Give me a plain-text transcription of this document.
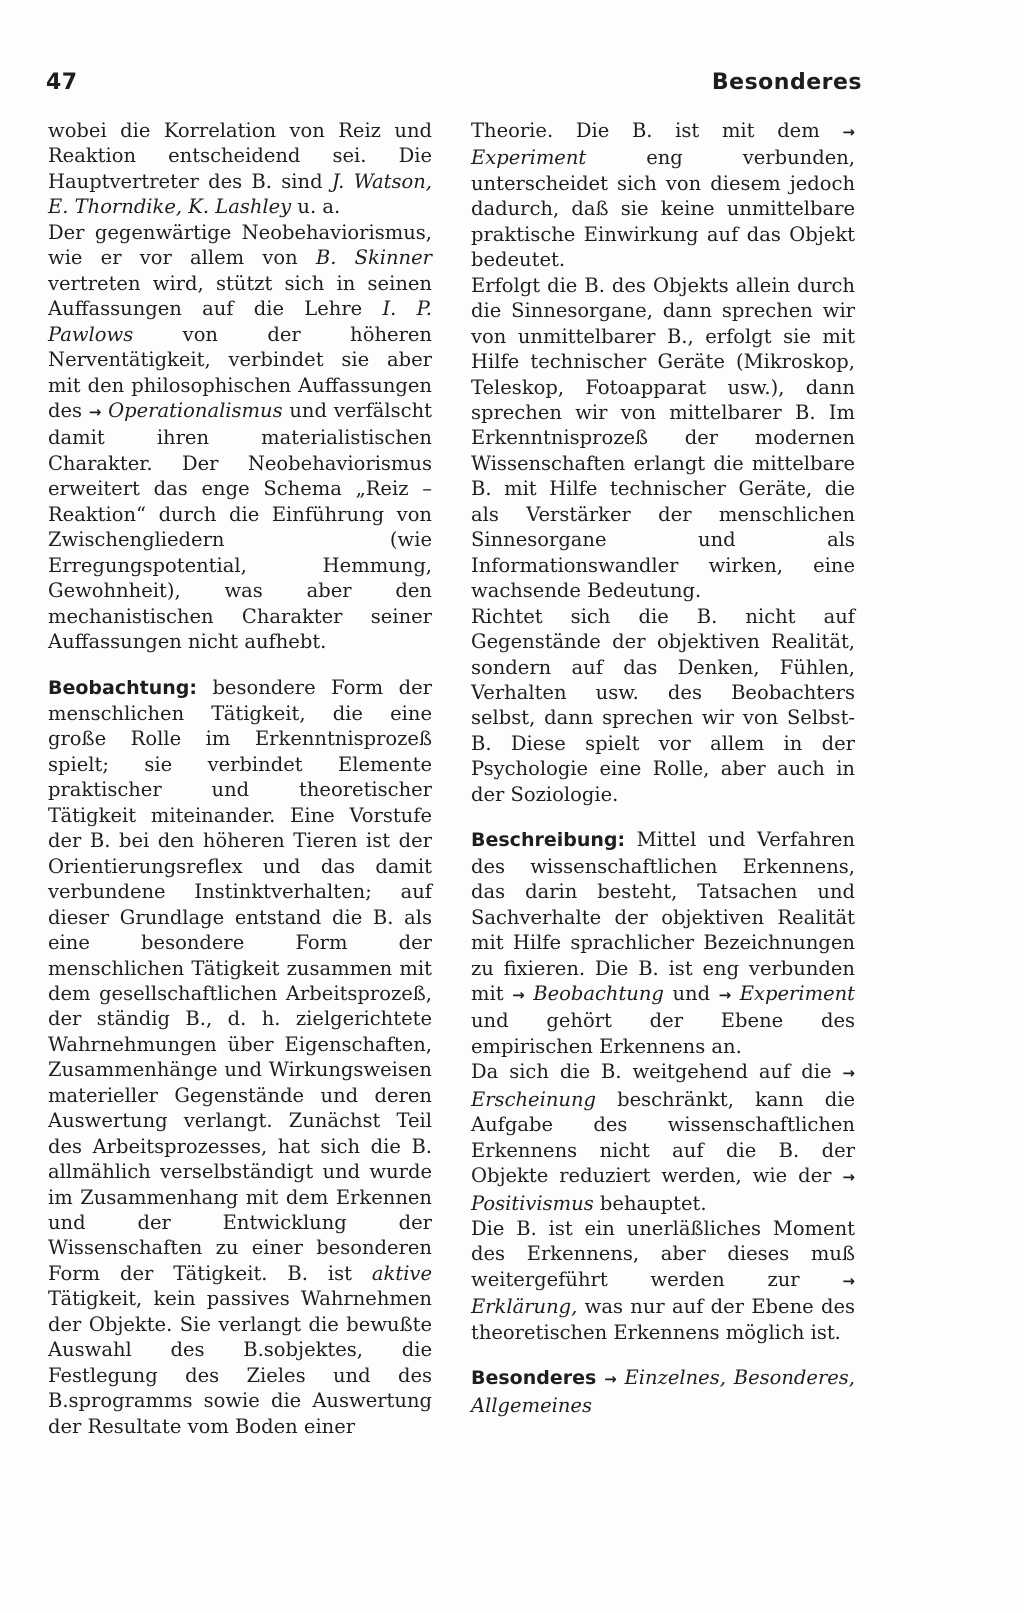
47	Besonderes

wobei die Korrelation von Reiz und Reaktion entscheidend sei. Die Hauptvertreter des B. sind J. Watson, E. Thorndike, K. Lashley u. a.

Der gegenwärtige Neobehaviorismus, wie er vor allem von B. Skinner vertreten wird, stützt sich in seinen Auffassungen auf die Lehre I. P. Pawlows von der höheren Nerventätigkeit, verbindet sie aber mit den philosophischen Auffassungen des → Operationalismus und verfälscht damit ihren materialistischen Charakter. Der Neobehaviorismus erweitert das enge Schema „Reiz – Reaktion“ durch die Einführung von Zwischengliedern (wie Erregungspotential, Hemmung, Gewohnheit), was aber den mechanistischen Charakter seiner Auffassungen nicht aufhebt.

Beobachtung: besondere Form der menschlichen Tätigkeit, die eine große Rolle im Erkenntnisprozeß spielt; sie verbindet Elemente praktischer und theoretischer Tätigkeit miteinander. Eine Vorstufe der B. bei den höheren Tieren ist der Orientierungsreflex und das damit verbundene Instinktverhalten; auf dieser Grundlage entstand die B. als eine besondere Form der menschlichen Tätigkeit zusammen mit dem gesellschaftlichen Arbeitsprozeß, der ständig B., d. h. zielgerichtete Wahrnehmungen über Eigenschaften, Zusammenhänge und Wirkungsweisen materieller Gegenstände und deren Auswertung verlangt. Zunächst Teil des Arbeitsprozesses, hat sich die B. allmählich verselbständigt und wurde im Zusammenhang mit dem Erkennen und der Entwicklung der Wissenschaften zu einer besonderen Form der Tätigkeit. B. ist aktive Tätigkeit, kein passives Wahrnehmen der Objekte. Sie verlangt die bewußte Auswahl des B.sobjektes, die Festlegung des Zieles und des B.sprogramms sowie die Auswertung der Resultate vom Boden einer

Theorie. Die B. ist mit dem → Experiment eng verbunden, unterscheidet sich von diesem jedoch dadurch, daß sie keine unmittelbare praktische Einwirkung auf das Objekt bedeutet.

Erfolgt die B. des Objekts allein durch die Sinnesorgane, dann sprechen wir von unmittelbarer B., erfolgt sie mit Hilfe technischer Geräte (Mikroskop, Teleskop, Fotoapparat usw.), dann sprechen wir von mittelbarer B. Im Erkenntnisprozeß der modernen Wissenschaften erlangt die mittelbare B. mit Hilfe technischer Geräte, die als Verstärker der menschlichen Sinnesorgane und als Informationswandler wirken, eine wachsende Bedeutung.

Richtet sich die B. nicht auf Gegenstände der objektiven Realität, sondern auf das Denken, Fühlen, Verhalten usw. des Beobachters selbst, dann sprechen wir von Selbst-B. Diese spielt vor allem in der Psychologie eine Rolle, aber auch in der Soziologie.

Beschreibung: Mittel und Verfahren des wissenschaftlichen Erkennens, das darin besteht, Tatsachen und Sachverhalte der objektiven Realität mit Hilfe sprachlicher Bezeichnungen zu fixieren. Die B. ist eng verbunden mit → Beobachtung und → Experiment und gehört der Ebene des empirischen Erkennens an.

Da sich die B. weitgehend auf die → Erscheinung beschränkt, kann die Aufgabe des wissenschaftlichen Erkennens nicht auf die B. der Objekte reduziert werden, wie der → Positivismus behauptet.

Die B. ist ein unerläßliches Moment des Erkennens, aber dieses muß weitergeführt werden zur → Erklärung, was nur auf der Ebene des theoretischen Erkennens möglich ist.

Besonderes → Einzelnes, Besonderes, Allgemeines
